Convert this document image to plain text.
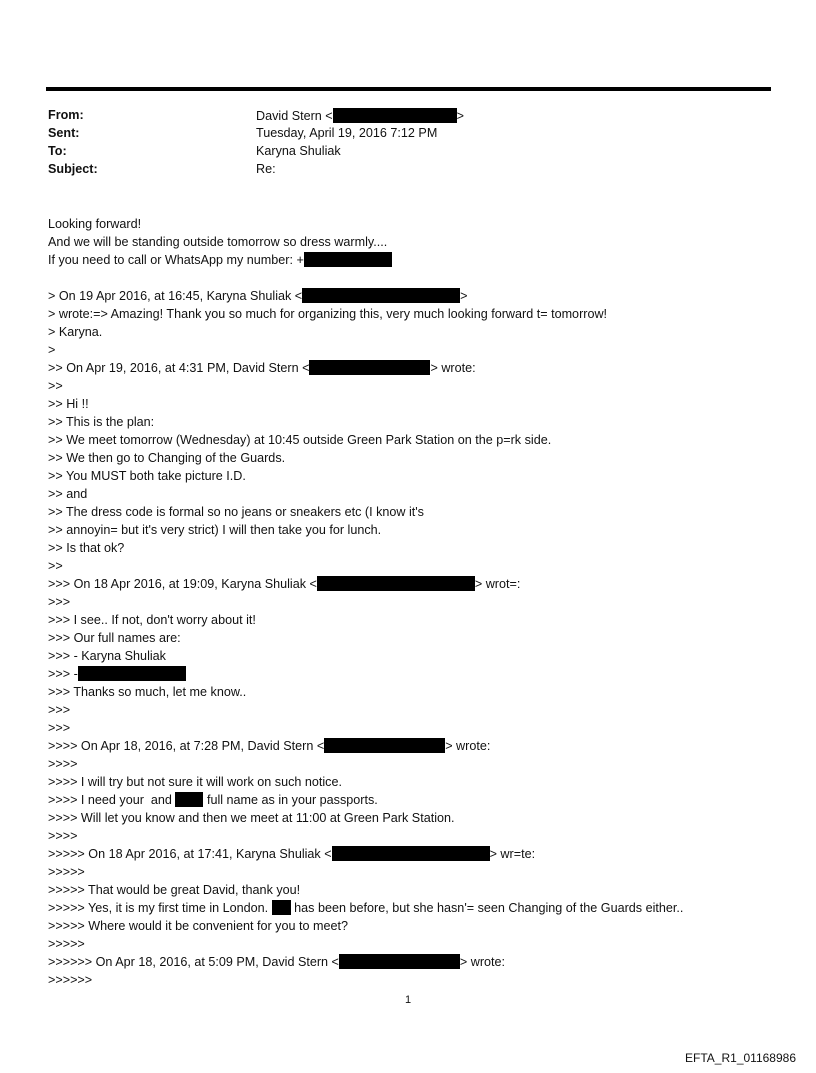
From:	David Stern <	>
Sent:	Tuesday, April 19, 2016 7:12 PM
To:	Karyna Shuliak
Subject:	Re:
Looking forward!
And we will be standing outside tomorrow so dress warmly....
If you need to call or WhatsApp my number: +
> On 19 Apr 2016, at 16:45, Karyna Shuliak <	>
> wrote:=> Amazing! Thank you so much for organizing this, very much looking forward t= tomorrow!
> Karyna.
>
>> On Apr 19, 2016, at 4:31 PM, David Stern <	> wrote:
>>
>> Hi !!
>> This is the plan:
>> We meet tomorrow (Wednesday) at 10:45 outside Green Park Station on the p=rk side.
>> We then go to Changing of the Guards.
>> You MUST both take picture I.D.
>> and
>> The dress code is formal so no jeans or sneakers etc (I know it's
>> annoyin= but it's very strict) I will then take you for lunch.
>> Is that ok?
>>
>>> On 18 Apr 2016, at 19:09, Karyna Shuliak <	> wrot=:
>>>
>>> I see.. If not, don't worry about it!
>>> Our full names are:
>>> - Karyna Shuliak
>>> -
>>> Thanks so much, let me know..
>>>
>>>
>>>> On Apr 18, 2016, at 7:28 PM, David Stern <	> wrote:
>>>>
>>>> I will try but not sure it will work on such notice.
>>>> I need your  and  full name as in your passports.
>>>> Will let you know and then we meet at 11:00 at Green Park Station.
>>>>
>>>>> On 18 Apr 2016, at 17:41, Karyna Shuliak <	> wr=te:
>>>>>
>>>>> That would be great David, thank you!
>>>>> Yes, it is my first time in London.  has been before, but she hasn'= seen Changing of the Guards either..
>>>>> Where would it be convenient for you to meet?
>>>>>
>>>>>> On Apr 18, 2016, at 5:09 PM, David Stern <	> wrote:
>>>>>>
1
EFTA_R1_01168986
